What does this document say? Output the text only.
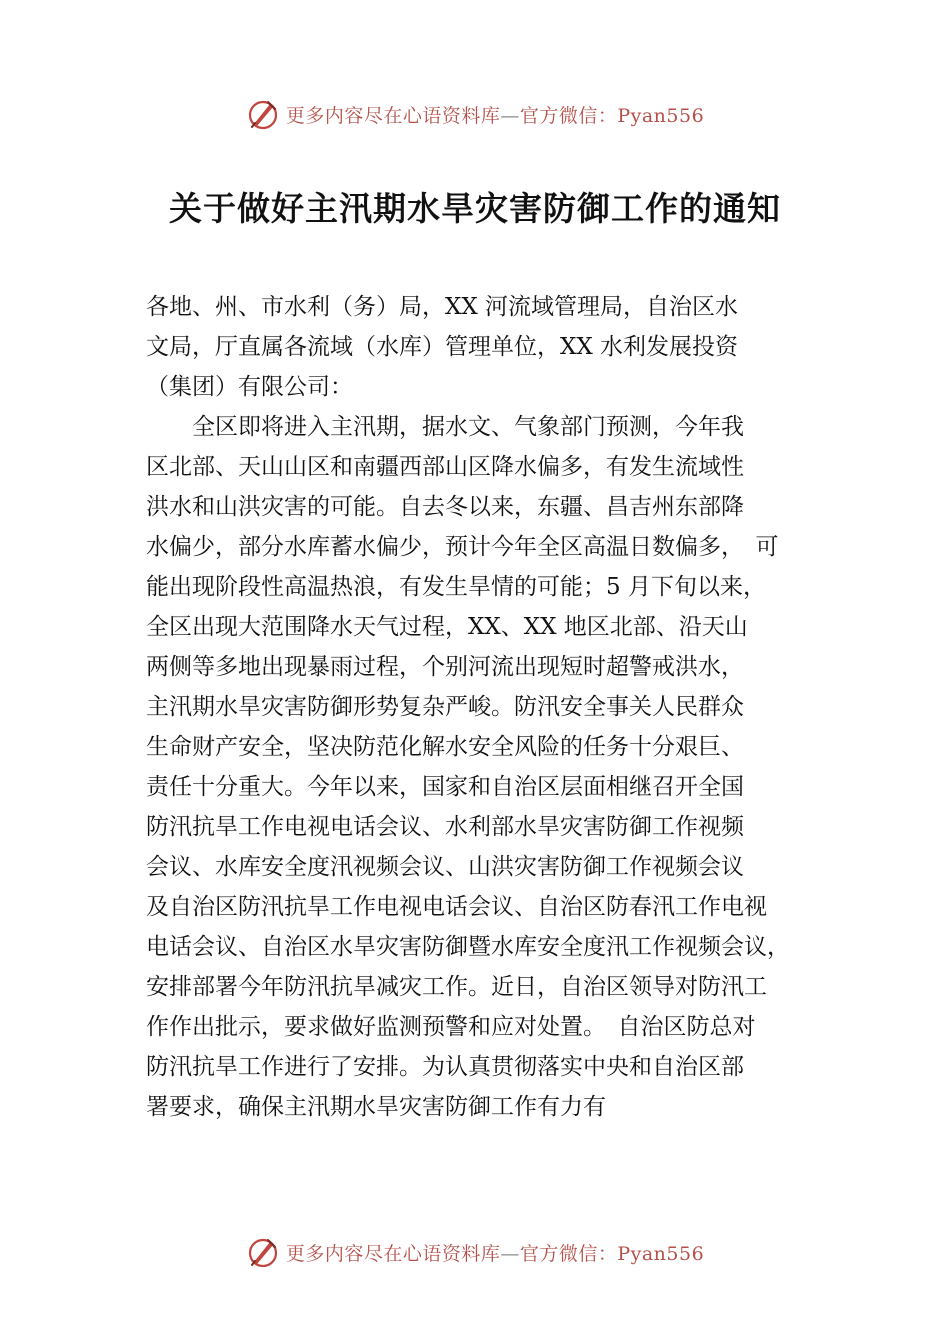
更多内容尽在心语资料库—官方微信：Pyan556
关于做好主汛期水旱灾害防御工作的通知
各地、州、市水利（务）局，XX 河流域管理局，自治区水
文局，厅直属各流域（水库）管理单位，XX 水利发展投资
（集团）有限公司：
　　全区即将进入主汛期，据水文、气象部门预测，今年我
区北部、天山山区和南疆西部山区降水偏多，有发生流域性
洪水和山洪灾害的可能。自去冬以来，东疆、昌吉州东部降
水偏少，部分水库蓄水偏少，预计今年全区高温日数偏多，　可
能出现阶段性高温热浪，有发生旱情的可能；5 月下旬以来，
全区出现大范围降水天气过程，XX、XX 地区北部、沿天山
两侧等多地出现暴雨过程，个别河流出现短时超警戒洪水，
主汛期水旱灾害防御形势复杂严峻。防汛安全事关人民群众
生命财产安全，坚决防范化解水安全风险的任务十分艰巨、
责任十分重大。今年以来，国家和自治区层面相继召开全国
防汛抗旱工作电视电话会议、水利部水旱灾害防御工作视频
会议、水库安全度汛视频会议、山洪灾害防御工作视频会议
及自治区防汛抗旱工作电视电话会议、自治区防春汛工作电视
电话会议、自治区水旱灾害防御暨水库安全度汛工作视频会议，
安排部署今年防汛抗旱减灾工作。近日，自治区领导对防汛工
作作出批示，要求做好监测预警和应对处置。　自治区防总对
防汛抗旱工作进行了安排。为认真贯彻落实中央和自治区部
署要求，确保主汛期水旱灾害防御工作有力有
更多内容尽在心语资料库—官方微信：Pyan556
